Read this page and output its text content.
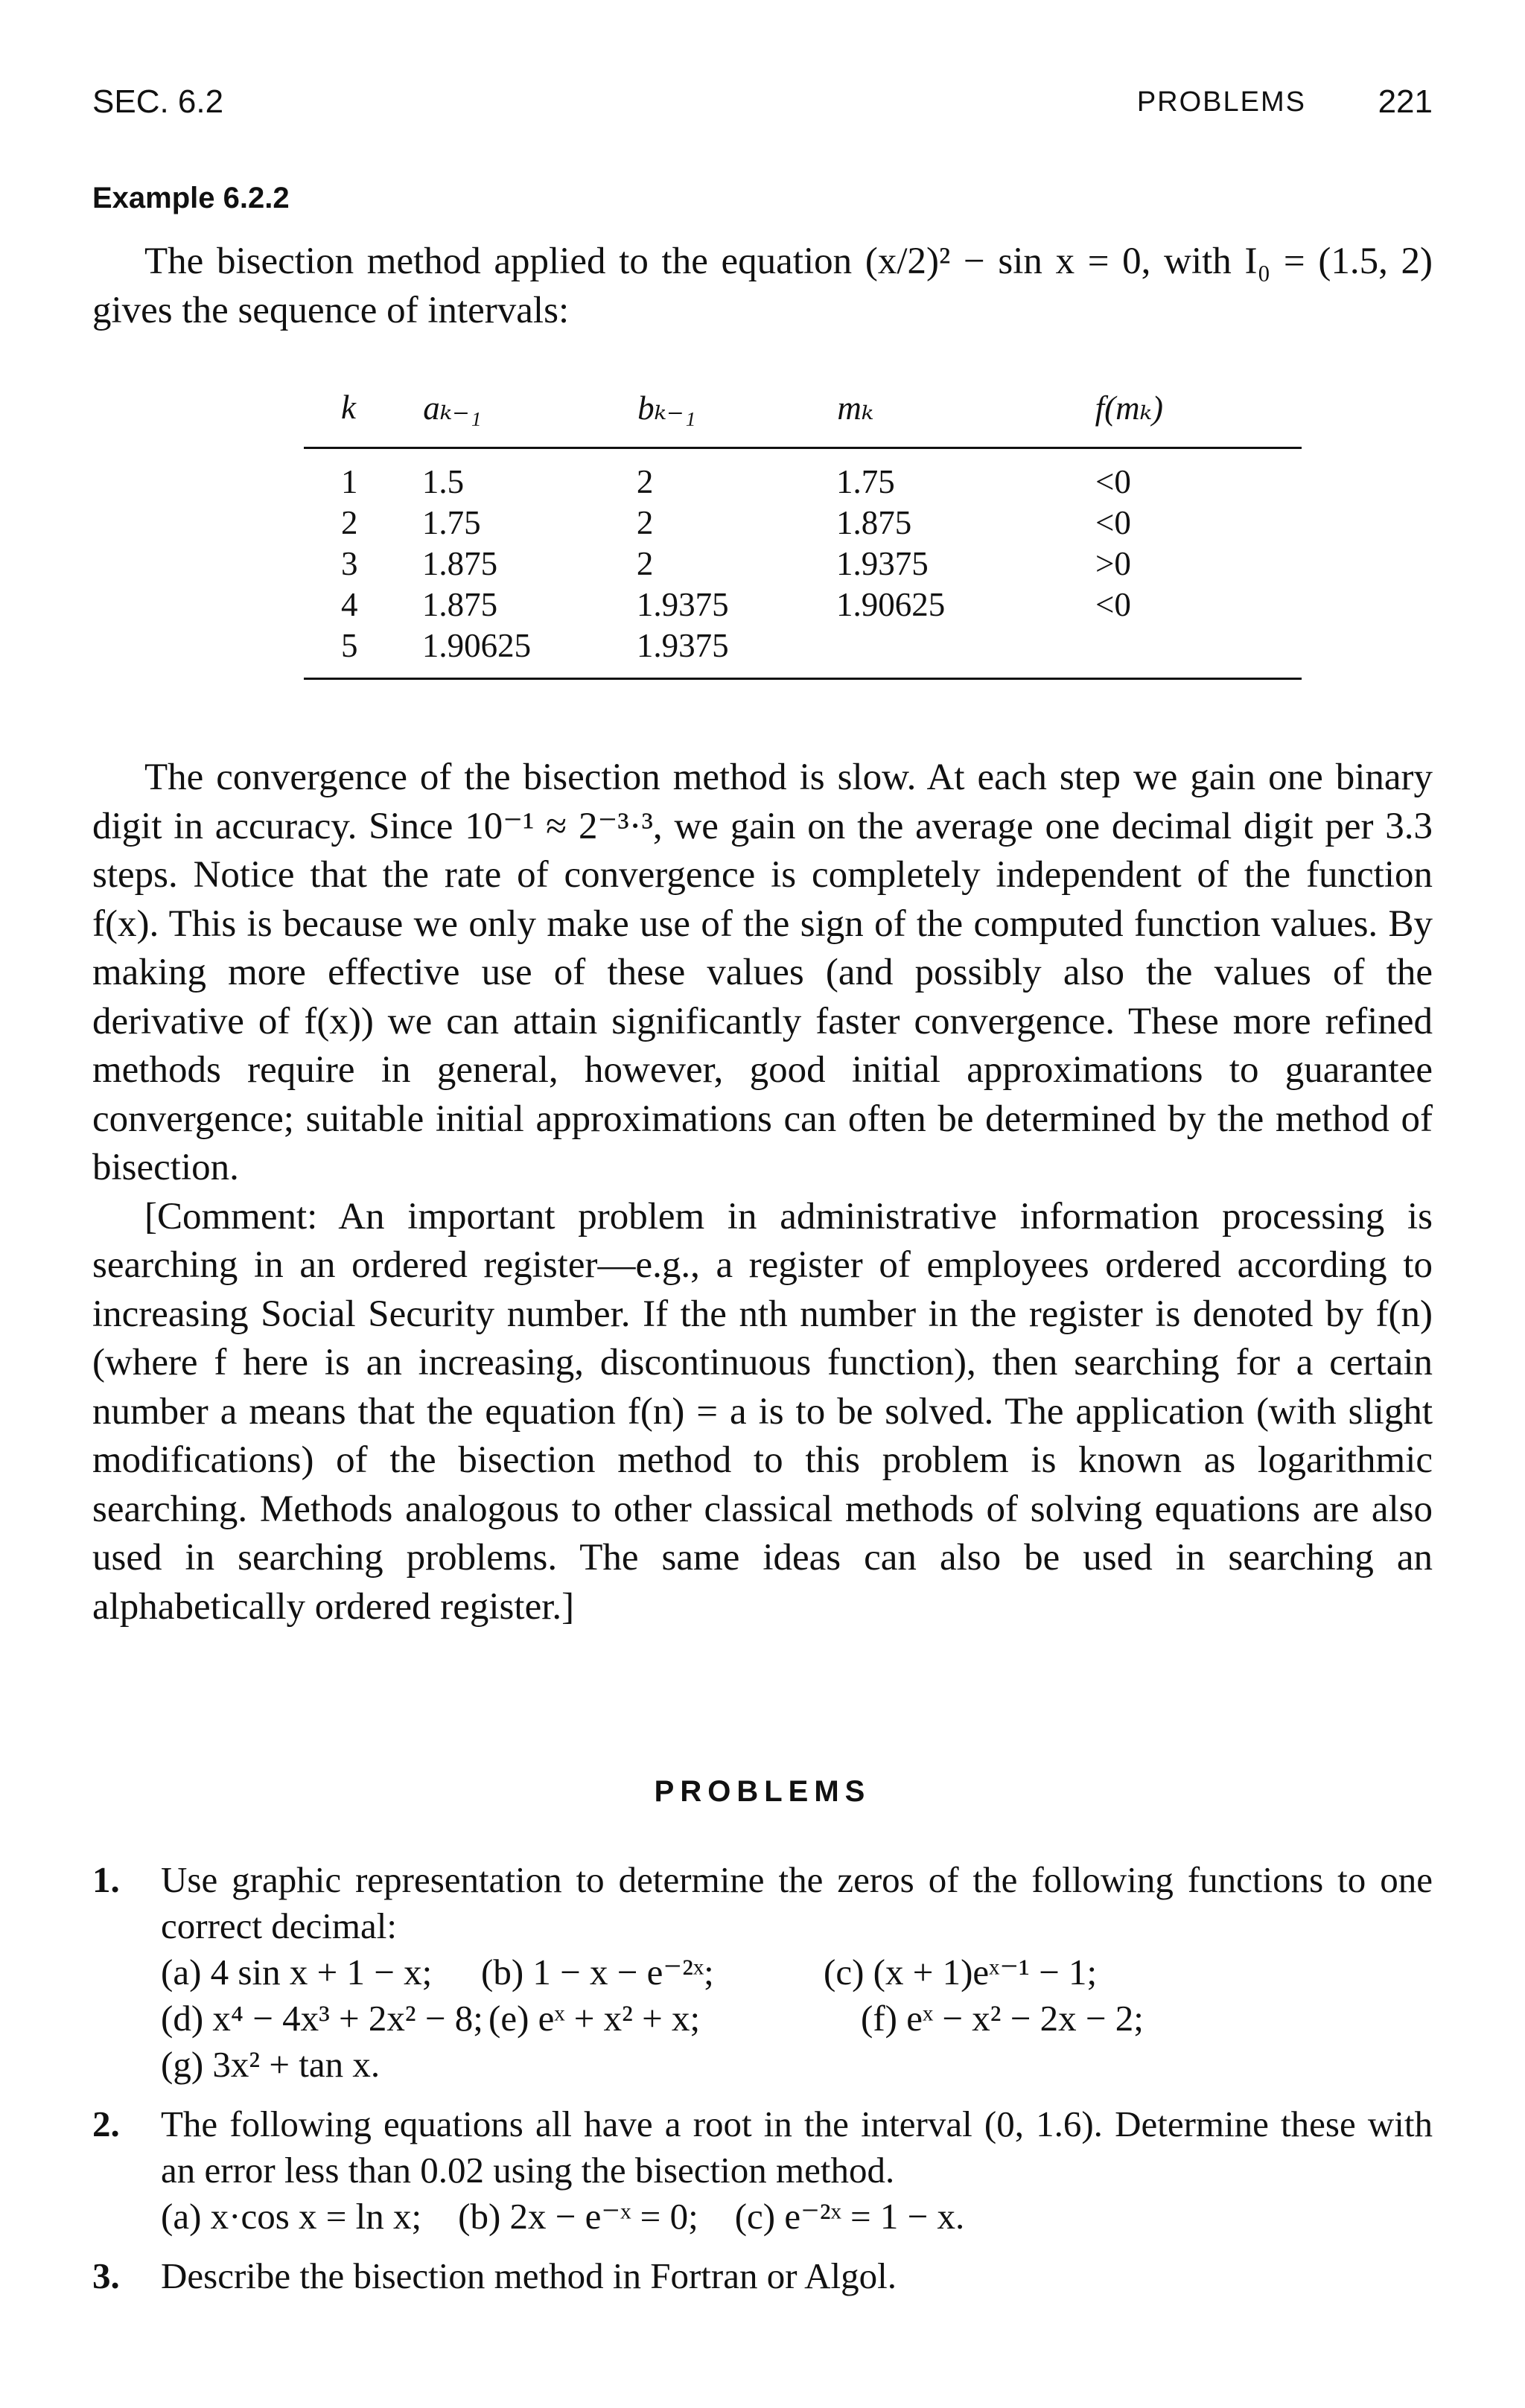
SEC. 6.2	PROBLEMS 221
Example 6.2.2

The bisection method applied to the equation (x/2)² − sin x = 0, with I₀ = (1.5, 2) gives the sequence of intervals:

k	aₖ₋₁	bₖ₋₁	mₖ	f(mₖ)
1	1.5	2	1.75	<0
2	1.75	2	1.875	<0
3	1.875	2	1.9375	>0
4	1.875	1.9375	1.90625	<0
5	1.90625	1.9375		

The convergence of the bisection method is slow. At each step we gain one binary digit in accuracy. Since 10⁻¹ ≈ 2⁻³·³, we gain on the average one decimal digit per 3.3 steps. Notice that the rate of convergence is completely independent of the function f(x). This is because we only make use of the sign of the computed function values. By making more effective use of these values (and possibly also the values of the derivative of f(x)) we can attain significantly faster convergence. These more refined methods require in general, however, good initial approximations to guarantee convergence; suitable initial approximations can often be determined by the method of bisection.

[Comment: An important problem in administrative information processing is searching in an ordered register—e.g., a register of employees ordered according to increasing Social Security number. If the nth number in the register is denoted by f(n) (where f here is an increasing, discontinuous function), then searching for a certain number a means that the equation f(n) = a is to be solved. The application (with slight modifications) of the bisection method to this problem is known as logarithmic searching. Methods analogous to other classical methods of solving equations are also used in searching problems. The same ideas can also be used in searching an alphabetically ordered register.]

PROBLEMS
1. Use graphic representation to determine the zeros of the following functions to one correct decimal:
(a) 4 sin x + 1 − x;	(b) 1 − x − e⁻²ˣ;	(c) (x + 1)eˣ⁻¹ − 1;
(d) x⁴ − 4x³ + 2x² − 8; (e) eˣ + x² + x;	(f) eˣ − x² − 2x − 2;
(g) 3x² + tan x.
2. The following equations all have a root in the interval (0, 1.6). Determine these with an error less than 0.02 using the bisection method.
(a) x·cos x = ln x; (b) 2x − e⁻ˣ = 0; (c) e⁻²ˣ = 1 − x.
3. Describe the bisection method in Fortran or Algol.
